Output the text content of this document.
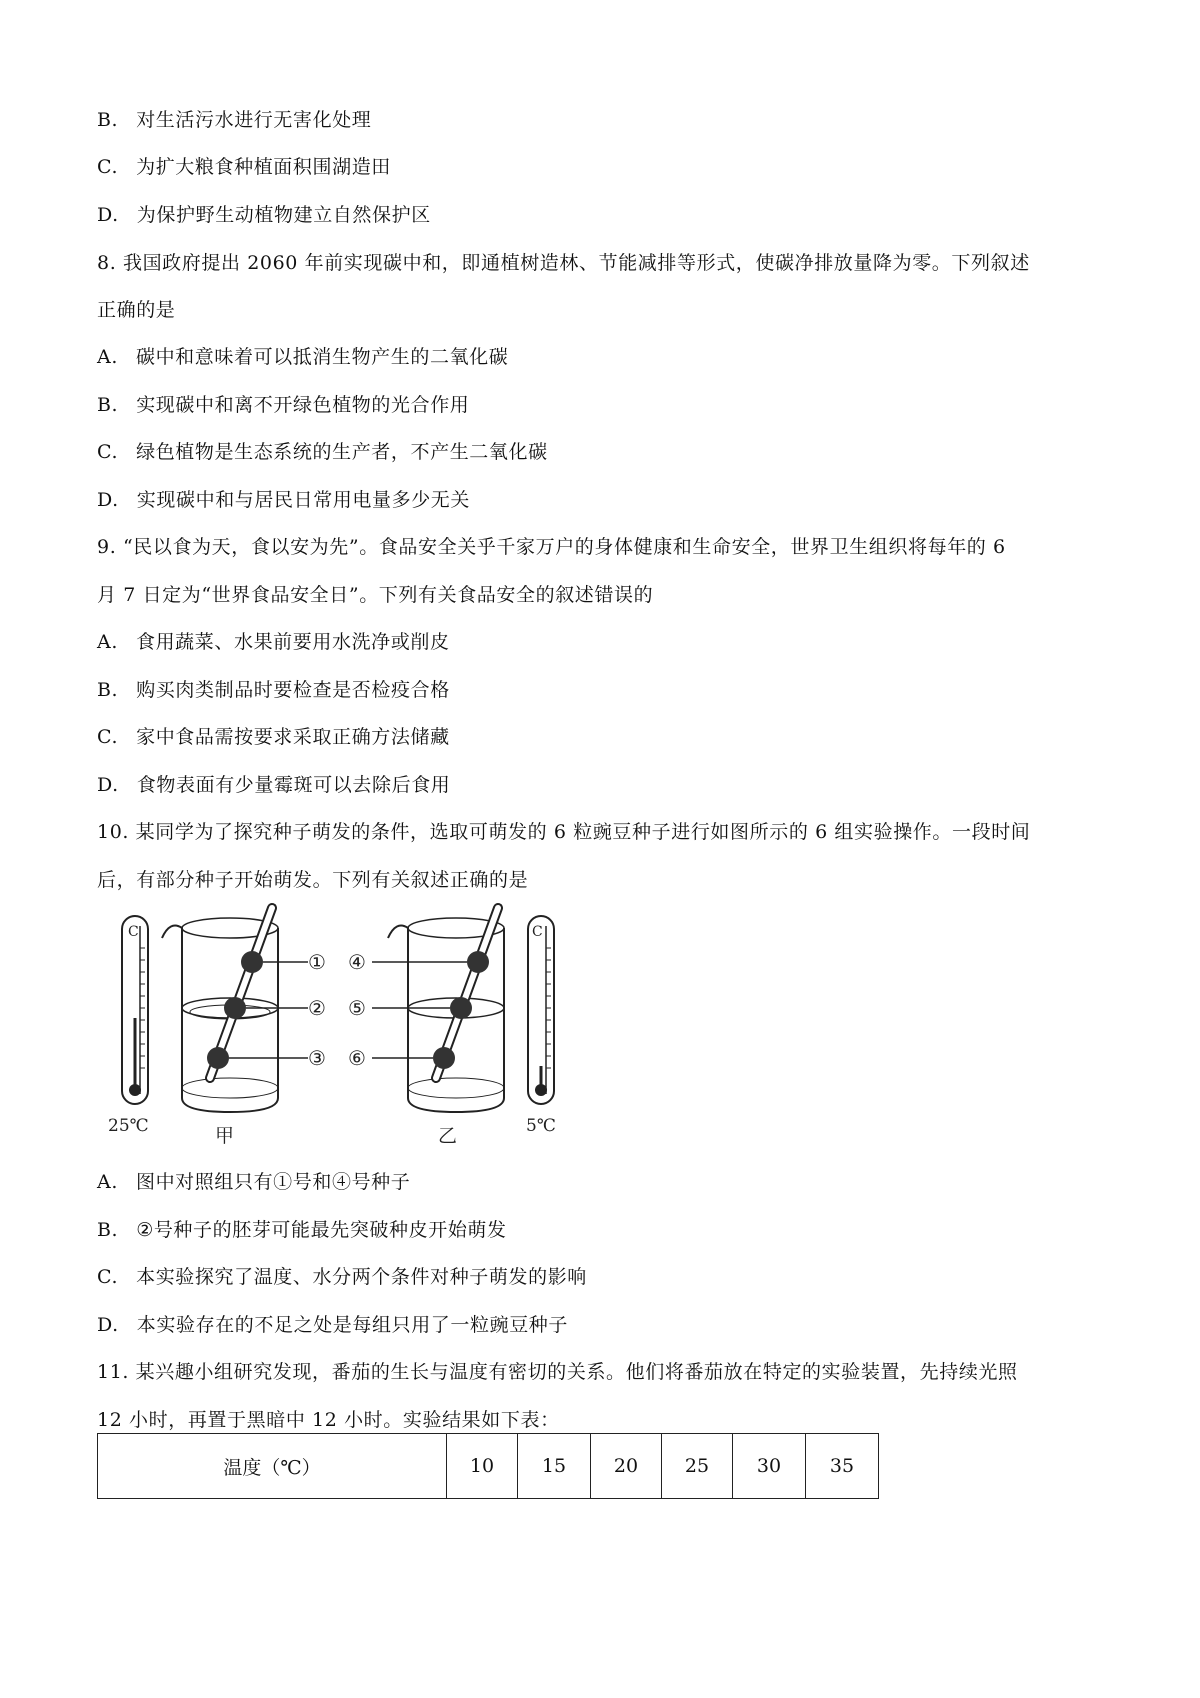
B. 对生活污水进行无害化处理
C. 为扩大粮食种植面积围湖造田
D. 为保护野生动植物建立自然保护区
8. 我国政府提出 2060 年前实现碳中和，即通植树造林、节能减排等形式，使碳净排放量降为零。下列叙述
正确的是
A. 碳中和意味着可以抵消生物产生的二氧化碳
B. 实现碳中和离不开绿色植物的光合作用
C. 绿色植物是生态系统的生产者，不产生二氧化碳
D. 实现碳中和与居民日常用电量多少无关
9. “民以食为天，食以安为先”。食品安全关乎千家万户的身体健康和生命安全，世界卫生组织将每年的 6
月 7 日定为“世界食品安全日”。下列有关食品安全的叙述错误的
A. 食用蔬菜、水果前要用水洗净或削皮
B. 购买肉类制品时要检查是否检疫合格
C. 家中食品需按要求采取正确方法储藏
D. 食物表面有少量霉斑可以去除后食用
10. 某同学为了探究种子萌发的条件，选取可萌发的 6 粒豌豆种子进行如图所示的 6 组实验操作。一段时间
后，有部分种子开始萌发。下列有关叙述正确的是
C
25℃
①
②
③
甲
④
⑤
⑥
乙
C
5℃
A. 图中对照组只有①号和④号种子
B. ②号种子的胚芽可能最先突破种皮开始萌发
C. 本实验探究了温度、水分两个条件对种子萌发的影响
D. 本实验存在的不足之处是每组只用了一粒豌豆种子
11. 某兴趣小组研究发现，番茄的生长与温度有密切的关系。他们将番茄放在特定的实验装置，先持续光照
12 小时，再置于黑暗中 12 小时。实验结果如下表：
温度（℃）	10	15	20	25	30	35
